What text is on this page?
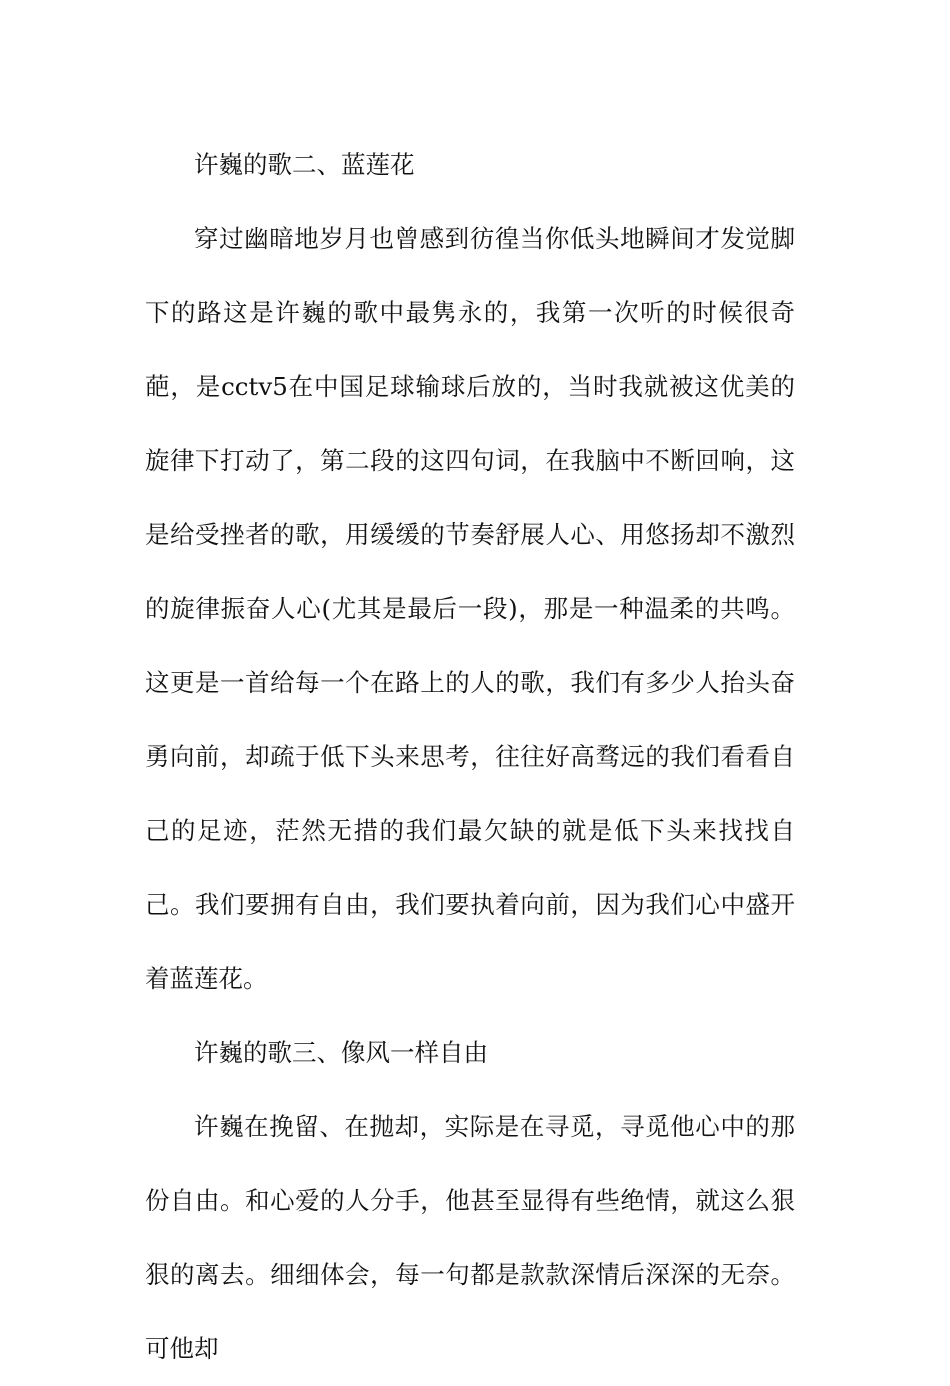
许巍的歌二、蓝莲花

穿过幽暗地岁月也曾感到彷徨当你低头地瞬间才发觉脚下的路这是许巍的歌中最隽永的，我第一次听的时候很奇葩，是cctv5在中国足球输球后放的，当时我就被这优美的旋律下打动了，第二段的这四句词，在我脑中不断回响，这是给受挫者的歌，用缓缓的节奏舒展人心、用悠扬却不激烈的旋律振奋人心(尤其是最后一段)，那是一种温柔的共鸣。这更是一首给每一个在路上的人的歌，我们有多少人抬头奋勇向前，却疏于低下头来思考，往往好高骛远的我们看看自己的足迹，茫然无措的我们最欠缺的就是低下头来找找自己。我们要拥有自由，我们要执着向前，因为我们心中盛开着蓝莲花。

许巍的歌三、像风一样自由

许巍在挽留、在抛却，实际是在寻觅，寻觅他心中的那份自由。和心爱的人分手，他甚至显得有些绝情，就这么狠狠的离去。细细体会，每一句都是款款深情后深深的无奈。可他却
